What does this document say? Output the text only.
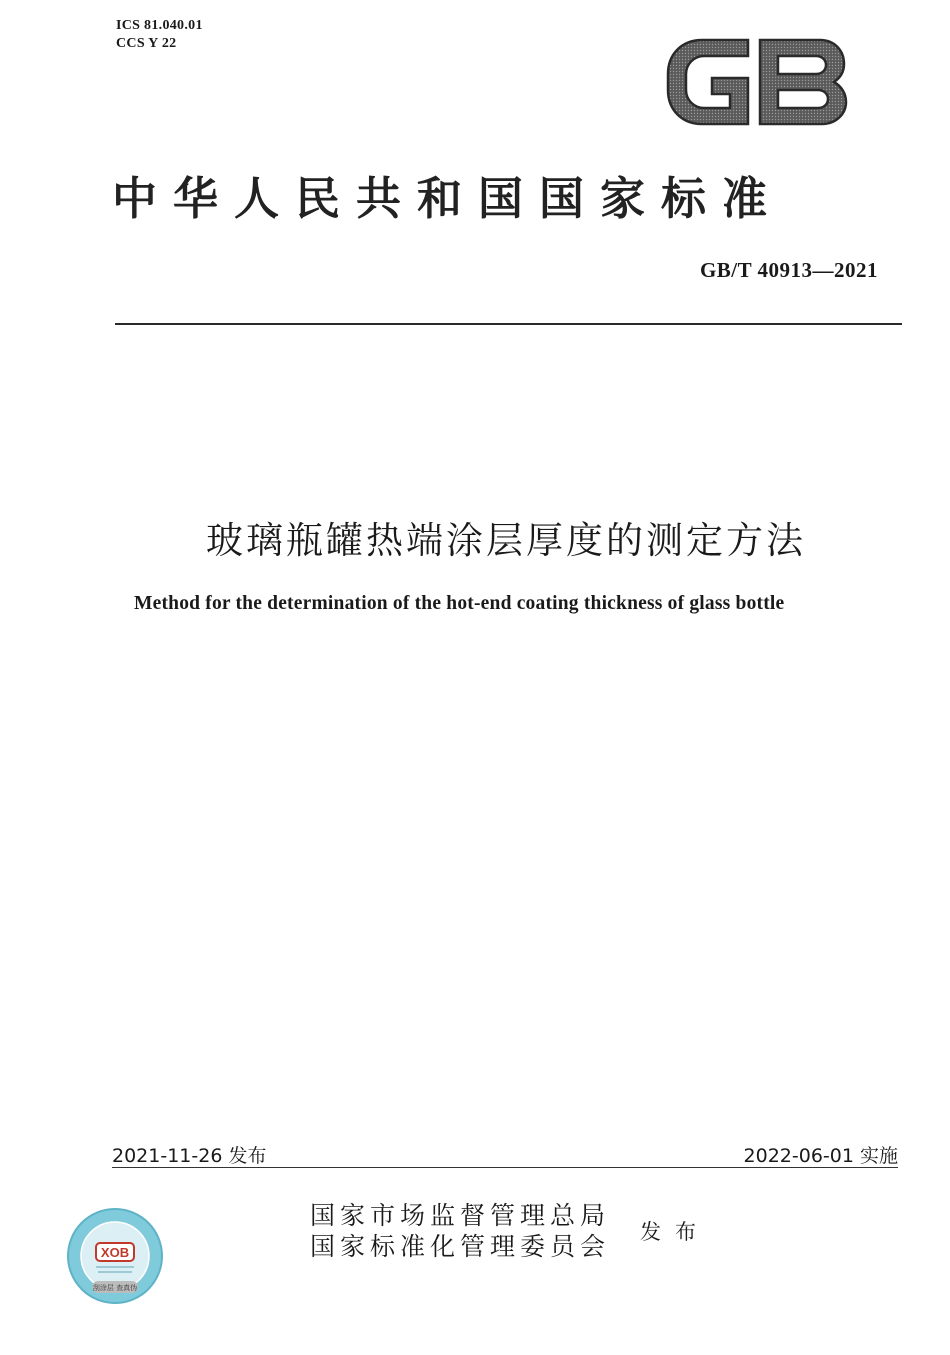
ICS 81.040.01
CCS Y 22
中华人民共和国国家标准
GB/T 40913—2021
玻璃瓶罐热端涂层厚度的测定方法
Method for the determination of the hot-end coating thickness of glass bottle
2021-11-26 发布	2022-06-01 实施
XOB
刮涂层 查真伪
国家市场监督管理总局
国家标准化管理委员会 发布
